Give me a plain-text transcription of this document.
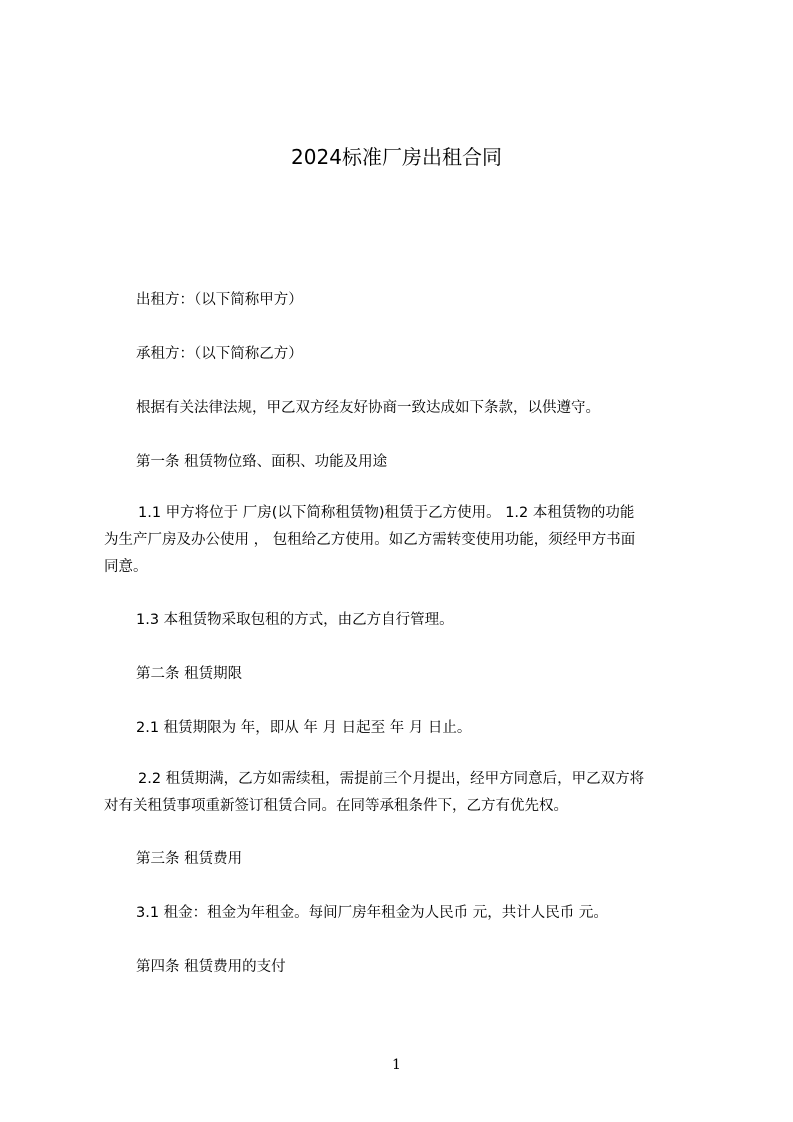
2024标准厂房出租合同

出租方：（以下简称甲方）

承租方：（以下简称乙方）

根据有关法律法规，甲乙双方经友好协商一致达成如下条款，以供遵守。

第一条 租赁物位臵、面积、功能及用途

1.1 甲方将位于 厂房(以下简称租赁物)租赁于乙方使用。 1.2 本租赁物的功能

为生产厂房及办公使用 ， 包租给乙方使用。如乙方需转变使用功能，须经甲方书面

同意。

1.3 本租赁物采取包租的方式，由乙方自行管理。

第二条 租赁期限

2.1 租赁期限为 年，即从 年 月 日起至 年 月 日止。

2.2 租赁期满，乙方如需续租，需提前三个月提出，经甲方同意后，甲乙双方将

对有关租赁事项重新签订租赁合同。在同等承租条件下，乙方有优先权。

第三条 租赁费用

3.1 租金：租金为年租金。每间厂房年租金为人民币 元，共计人民币 元。

第四条 租赁费用的支付

1
